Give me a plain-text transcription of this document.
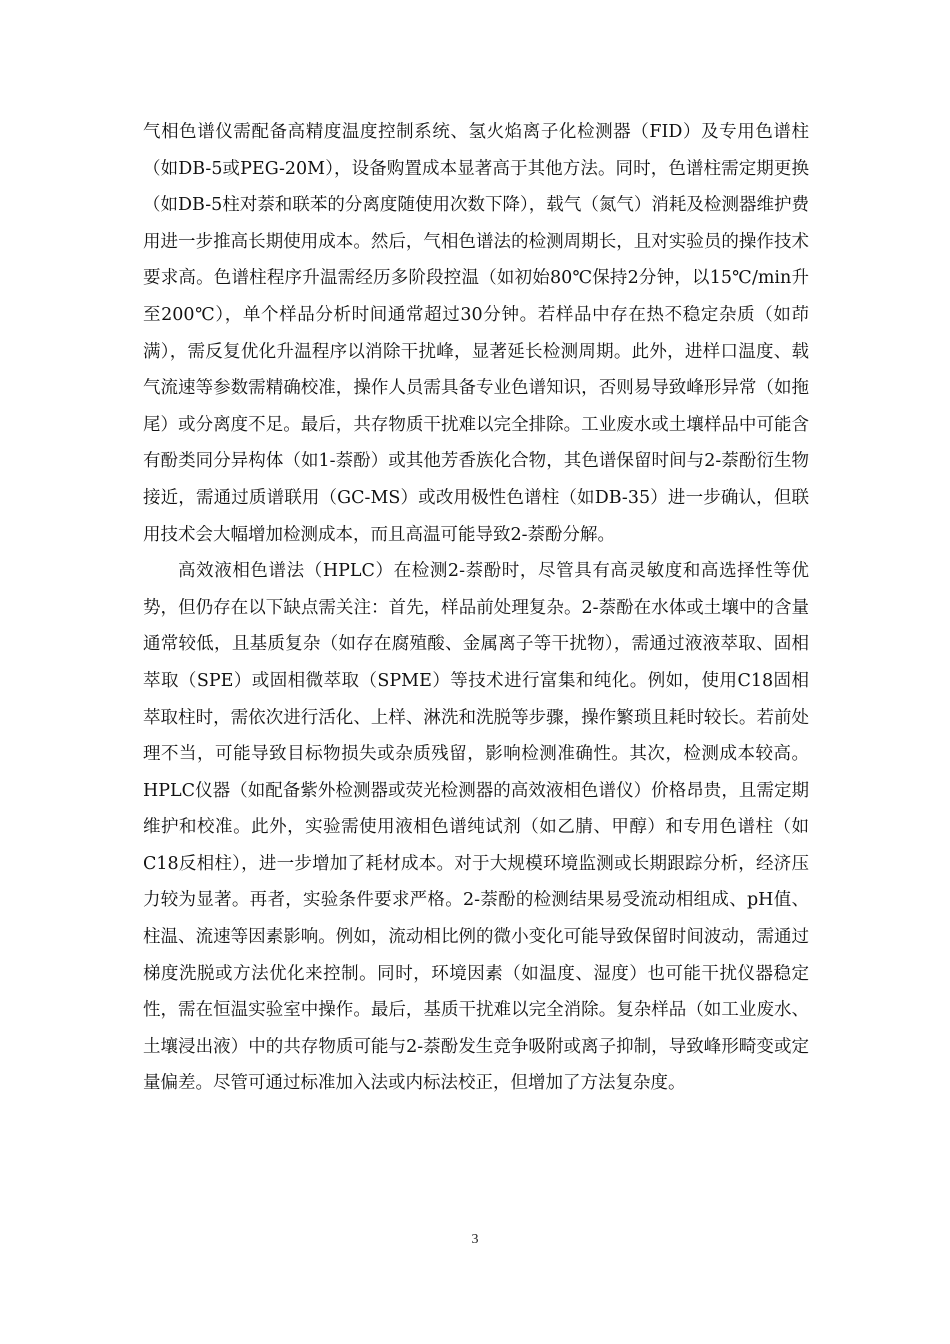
气相色谱仪需配备高精度温度控制系统、氢火焰离子化检测器（FID）及专用色谱柱（如DB-5或PEG-20M），设备购置成本显著高于其他方法。同时，色谱柱需定期更换（如DB-5柱对萘和联苯的分离度随使用次数下降），载气（氮气）消耗及检测器维护费用进一步推高长期使用成本。然后，气相色谱法的检测周期长，且对实验员的操作技术要求高。色谱柱程序升温需经历多阶段控温（如初始80℃保持2分钟，以15℃/min升至200℃），单个样品分析时间通常超过30分钟。若样品中存在热不稳定杂质（如茚满），需反复优化升温程序以消除干扰峰，显著延长检测周期。此外，进样口温度、载气流速等参数需精确校准，操作人员需具备专业色谱知识，否则易导致峰形异常（如拖尾）或分离度不足。最后，共存物质干扰难以完全排除。工业废水或土壤样品中可能含有酚类同分异构体（如1-萘酚）或其他芳香族化合物，其色谱保留时间与2-萘酚衍生物接近，需通过质谱联用（GC-MS）或改用极性色谱柱（如DB-35）进一步确认，但联用技术会大幅增加检测成本，而且高温可能导致2-萘酚分解。

高效液相色谱法（HPLC）在检测2-萘酚时，尽管具有高灵敏度和高选择性等优势，但仍存在以下缺点需关注：首先，样品前处理复杂。2-萘酚在水体或土壤中的含量通常较低，且基质复杂（如存在腐殖酸、金属离子等干扰物），需通过液液萃取、固相萃取（SPE）或固相微萃取（SPME）等技术进行富集和纯化。例如，使用C18固相萃取柱时，需依次进行活化、上样、淋洗和洗脱等步骤，操作繁琐且耗时较长。若前处理不当，可能导致目标物损失或杂质残留，影响检测准确性。其次，检测成本较高。HPLC仪器（如配备紫外检测器或荧光检测器的高效液相色谱仪）价格昂贵，且需定期维护和校准。此外，实验需使用液相色谱纯试剂（如乙腈、甲醇）和专用色谱柱（如C18反相柱），进一步增加了耗材成本。对于大规模环境监测或长期跟踪分析，经济压力较为显著。再者，实验条件要求严格。2-萘酚的检测结果易受流动相组成、pH值、柱温、流速等因素影响。例如，流动相比例的微小变化可能导致保留时间波动，需通过梯度洗脱或方法优化来控制。同时，环境因素（如温度、湿度）也可能干扰仪器稳定性，需在恒温实验室中操作。最后，基质干扰难以完全消除。复杂样品（如工业废水、土壤浸出液）中的共存物质可能与2-萘酚发生竞争吸附或离子抑制，导致峰形畸变或定量偏差。尽管可通过标准加入法或内标法校正，但增加了方法复杂度。

3
